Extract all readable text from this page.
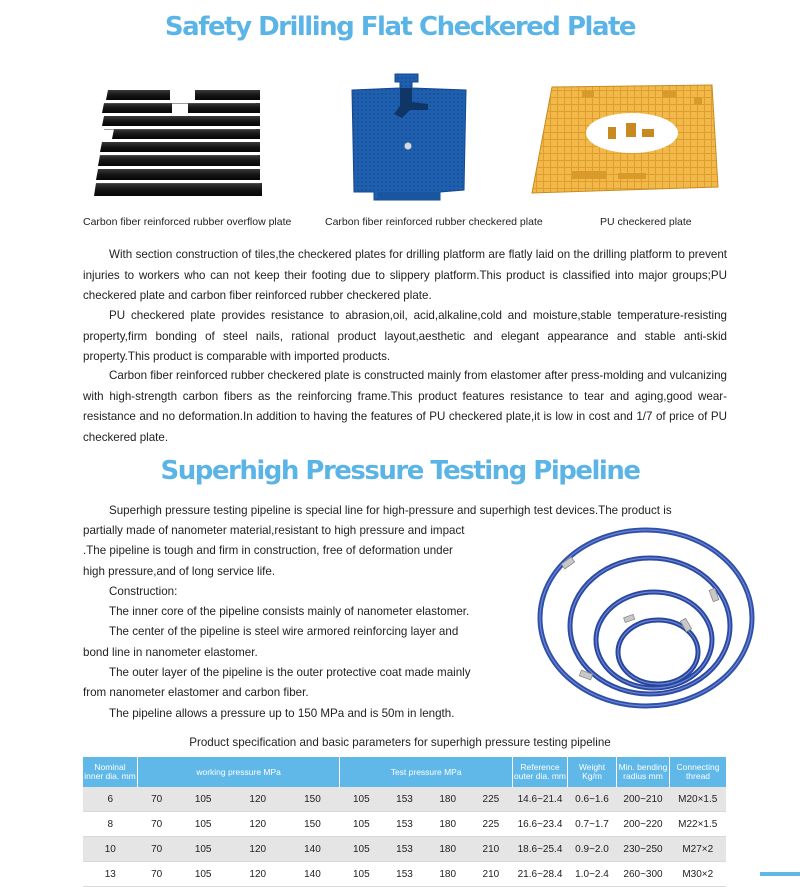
Safety Drilling Flat Checkered Plate
Carbon fiber reinforced rubber overflow plate	Carbon fiber reinforced rubber checkered plate	PU checkered plate

With section construction of tiles,the checkered plates for drilling platform are flatly laid on the drilling platform to prevent injuries to workers who can not keep their footing due to slippery platform.This product is classified into major groups;PU checkered plate and carbon fiber reinforced rubber checkered plate.

PU checkered plate provides resistance to abrasion,oil, acid,alkaline,cold and moisture,stable temperature-resisting property,firm bonding of steel nails, rational product layout,aesthetic and elegant appearance and stable anti-skid property.This product is comparable with imported products.

Carbon fiber reinforced rubber checkered plate is constructed mainly from elastomer after press-molding and vulcanizing with high-strength carbon fibers as the reinforcing frame.This product features resistance to tear and aging,good wear-resistance and no deformation.In addition to having the features of PU checkered plate,it is low in cost and 1/7 of price of PU checkered plate.

Superhigh Pressure Testing Pipeline

Superhigh pressure testing pipeline is special line for high-pressure and superhigh test devices.The product is

partially made of nanometer material,resistant to high pressure and impact
.The pipeline is tough and firm in construction, free of deformation under
high pressure,and of long service life.
Construction:
The inner core of the pipeline consists mainly of nanometer elastomer.
The center of the pipeline is steel wire armored reinforcing layer and
bond line in nanometer elastomer.
The outer layer of the pipeline is the outer protective coat made mainly
from nanometer elastomer and carbon fiber.
The pipeline allows a pressure up to 150 MPa and is 50m in length.
Product specification and basic parameters for superhigh pressure testing pipeline
Nominal inner dia. mm	working pressure MPa				Test pressure MPa				Reference outer dia. mm	Weight Kg/m	Min. bending radius mm	Connecting thread
6	70	105	120	150	105	153	180	225	14.6~21.4	0.6~1.6	200~210	M20×1.5
8	70	105	120	150	105	153	180	225	16.6~23.4	0.7~1.7	200~220	M22×1.5
10	70	105	120	140	105	153	180	210	18.6~25.4	0.9~2.0	230~250	M27×2
13	70	105	120	140	105	153	180	210	21.6~28.4	1.0~2.4	260~300	M30×2
